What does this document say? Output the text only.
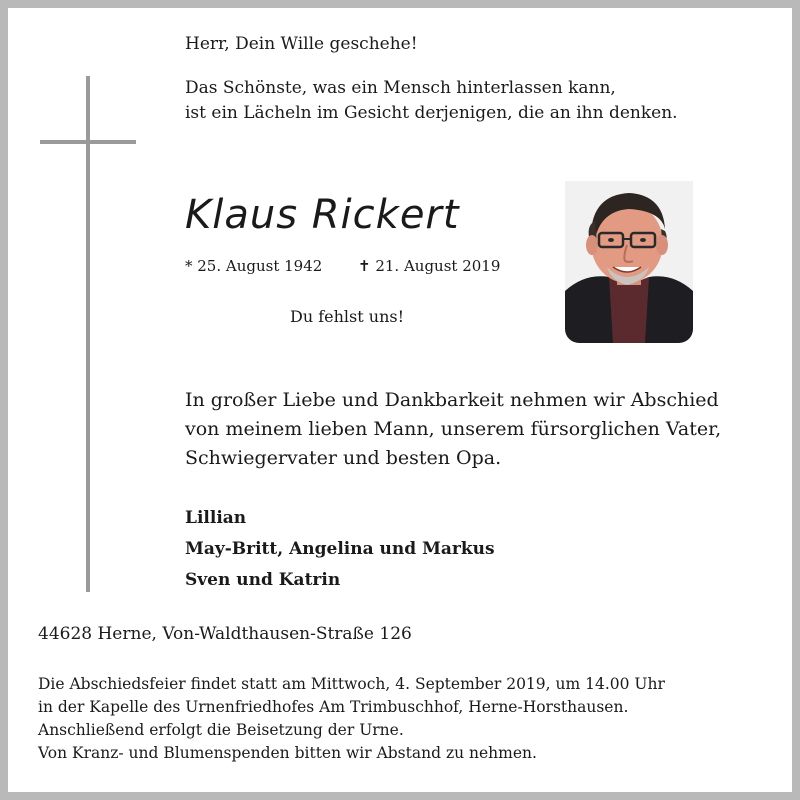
Herr, Dein Wille geschehe!
Das Schönste, was ein Mensch hinterlassen kann,
ist ein Lächeln im Gesicht derjenigen, die an ihn denken.
Klaus Rickert
* 25. August 1942 ✝ 21. August 2019
Du fehlst uns!
In großer Liebe und Dankbarkeit nehmen wir Abschied
von meinem lieben Mann, unserem fürsorglichen Vater,
Schwiegervater und besten Opa.
Lillian
May-Britt, Angelina und Markus
Sven und Katrin
44628 Herne, Von-Waldthausen-Straße 126
Die Abschiedsfeier findet statt am Mittwoch, 4. September 2019, um 14.00 Uhr
in der Kapelle des Urnenfriedhofes Am Trimbuschhof, Herne-Horsthausen.
Anschließend erfolgt die Beisetzung der Urne.
Von Kranz- und Blumenspenden bitten wir Abstand zu nehmen.
